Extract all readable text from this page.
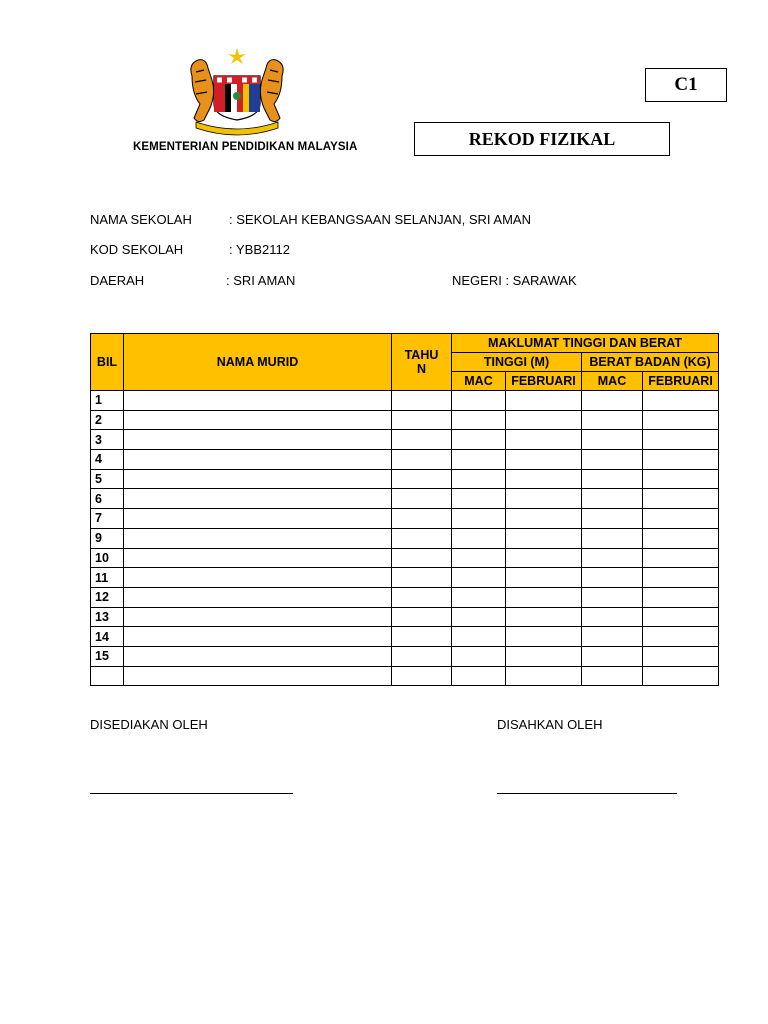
KEMENTERIAN PENDIDIKAN MALAYSIA
C1
REKOD FIZIKAL
NAMA SEKOLAH	: SEKOLAH KEBANGSAAN SELANJAN, SRI AMAN
KOD SEKOLAH	: YBB2112
DAERAH	: SRI AMAN	NEGERI : SARAWAK
BIL	NAMA MURID	TAHU N	MAKLUMAT TINGGI DAN BERAT			
			TINGGI (M)		BERAT BADAN (KG)	
			MAC	FEBRUARI	MAC	FEBRUARI
1						
2						
3						
4						
5						
6						
7						
9						
10						
11						
12						
13						
14						
15						

DISEDIAKAN OLEH	DISAHKAN OLEH
